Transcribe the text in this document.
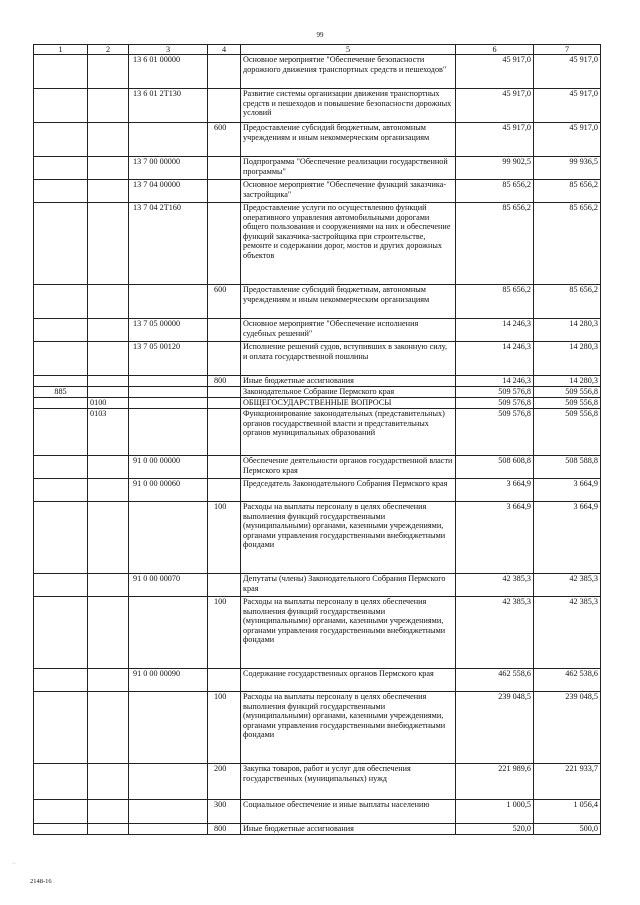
99
1	2	3	4	5	6	7
		13 6 01 00000		Основное мероприятие "Обеспечение безопасности дорожного движения транспортных средств и пешеходов"	45 917,0	45 917,0
		13 6 01 2Т130		Развитие системы организации движения транспортных средств и пешеходов и повышение безопасности дорожных условий	45 917,0	45 917,0
			600	Предоставление субсидий бюджетным, автономным учреждениям и иным некоммерческим организациям	45 917,0	45 917,0
		13 7 00 00000		Подпрограмма "Обеспечение реализации государственной программы"	99 902,5	99 936,5
		13 7 04 00000		Основное мероприятие "Обеспечение функций заказчика-застройщика"	85 656,2	85 656,2
		13 7 04 2Т160		Предоставление услуги по осуществлению функций оперативного управления автомобильными дорогами общего пользования и сооружениями на них и обеспечение функций заказчика-застройщика при строительстве, ремонте и содержании дорог, мостов и других дорожных объектов	85 656,2	85 656,2
			600	Предоставление субсидий бюджетным, автономным учреждениям и иным некоммерческим организациям	85 656,2	85 656,2
		13 7 05 00000		Основное мероприятие "Обеспечение исполнения судебных решений"	14 246,3	14 280,3
		13 7 05 00120		Исполнение решений судов, вступивших в законную силу, и оплата государственной пошлины	14 246,3	14 280,3
			800	Иные бюджетные ассигнования	14 246,3	14 280,3
885				Законодательное Собрание Пермского края	509 576,8	509 556,8
	0100			ОБЩЕГОСУДАРСТВЕННЫЕ ВОПРОСЫ	509 576,8	509 556,8
	0103			Функционирование законодательных (представительных) органов государственной власти и представительных органов муниципальных образований	509 576,8	509 556,8
		91 0 00 00000		Обеспечение деятельности органов государственной власти Пермского края	508 608,8	508 588,8
		91 0 00 00060		Председатель Законодательного Собрания Пермского края	3 664,9	3 664,9
			100	Расходы на выплаты персоналу в целях обеспечения выполнения функций государственными (муниципальными) органами, казенными учреждениями, органами управления государственными внебюджетными фондами	3 664,9	3 664,9
		91 0 00 00070		Депутаты (члены) Законодательного Собрания Пермского края	42 385,3	42 385,3
			100	Расходы на выплаты персоналу в целях обеспечения выполнения функций государственными (муниципальными) органами, казенными учреждениями, органами управления государственными внебюджетными фондами	42 385,3	42 385,3
		91 0 00 00090		Содержание государственных органов Пермского края	462 558,6	462 538,6
			100	Расходы на выплаты персоналу в целях обеспечения выполнения функций государственными (муниципальными) органами, казенными учреждениями, органами управления государственными внебюджетными фондами	239 048,5	239 048,5
			200	Закупка товаров, работ и услуг для обеспечения государственных (муниципальных) нужд	221 989,6	221 933,7
			300	Социальное обеспечение и иные выплаты населению	1 000,5	1 056,4
			800	Иные бюджетные ассигнования	520,0	500,0
··
2148-16
